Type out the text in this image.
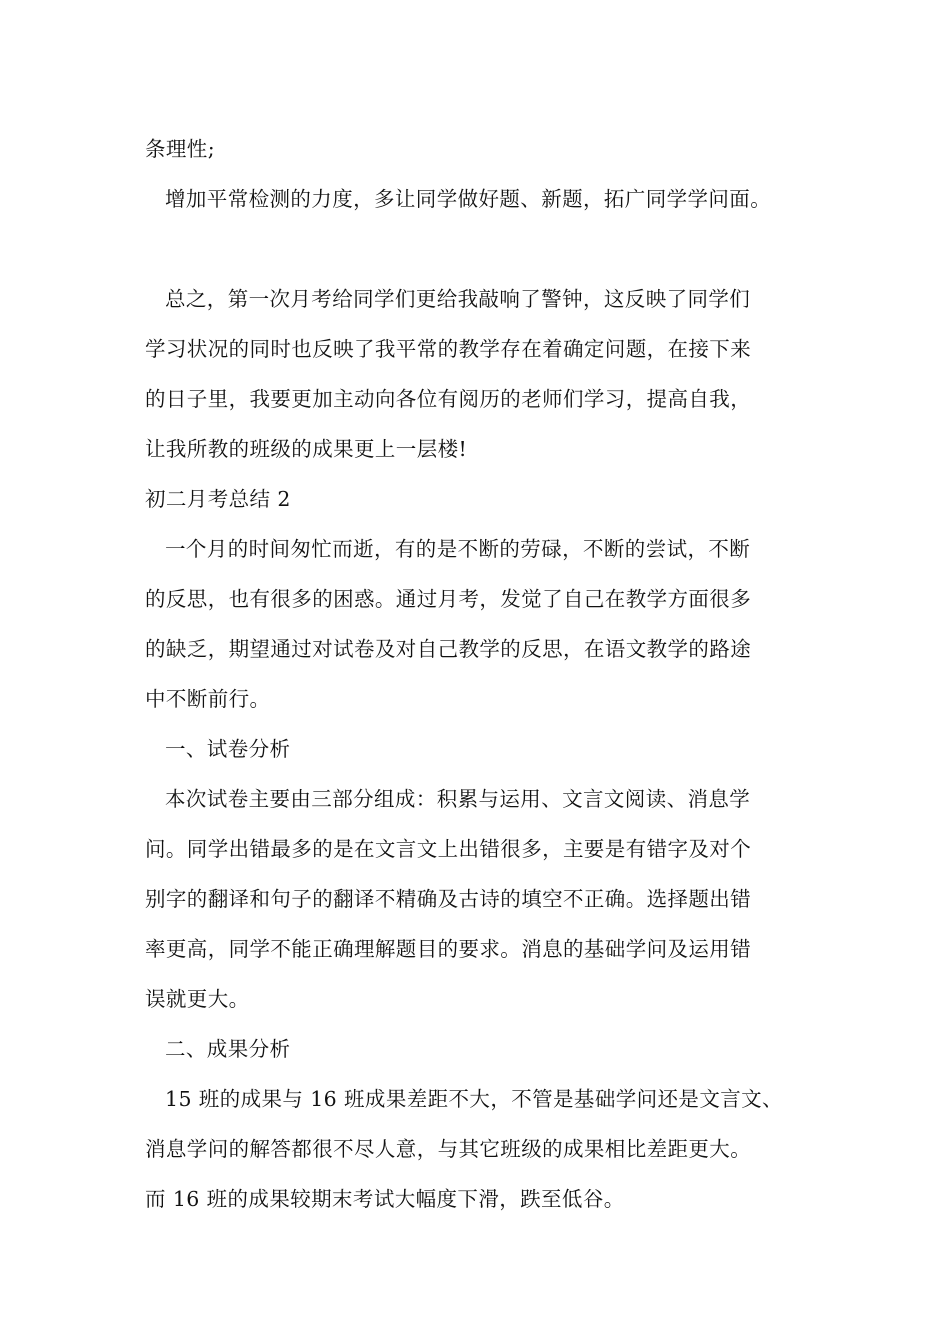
条理性;

增加平常检测的力度，多让同学做好题、新题，拓广同学学问面。

总之，第一次月考给同学们更给我敲响了警钟，这反映了同学们

学习状况的同时也反映了我平常的教学存在着确定问题，在接下来

的日子里，我要更加主动向各位有阅历的老师们学习，提高自我，

让我所教的班级的成果更上一层楼!

初二月考总结 2

一个月的时间匆忙而逝，有的是不断的劳碌，不断的尝试，不断

的反思，也有很多的困惑。通过月考，发觉了自己在教学方面很多

的缺乏，期望通过对试卷及对自己教学的反思，在语文教学的路途

中不断前行。

一、试卷分析

本次试卷主要由三部分组成：积累与运用、文言文阅读、消息学

问。同学出错最多的是在文言文上出错很多，主要是有错字及对个

别字的翻译和句子的翻译不精确及古诗的填空不正确。选择题出错

率更高，同学不能正确理解题目的要求。消息的基础学问及运用错

误就更大。

二、成果分析

15 班的成果与 16 班成果差距不大，不管是基础学问还是文言文、

消息学问的解答都很不尽人意，与其它班级的成果相比差距更大。

而 16 班的成果较期末考试大幅度下滑，跌至低谷。
